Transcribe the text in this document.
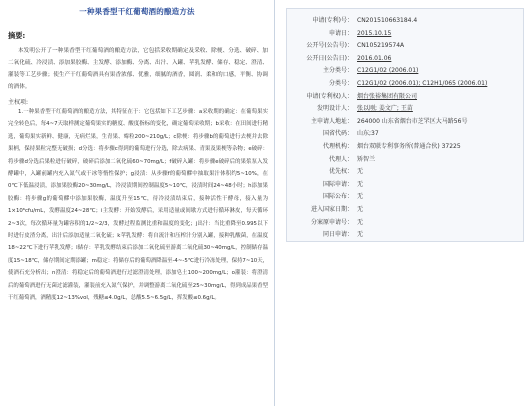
一种果香型干红葡萄酒的酿造方法
摘要:
本发明公开了一种果香型干红葡萄酒的酿造方法，它包括采收期确定及采收、除梗、分选、破碎、加二氧化硫、冷浸渍、添加果胶酶、主发酵、添加酶、分离、出汁、入罐、苹乳发酵、储存、稳定、澄清、灌装等工艺步骤；使生产干红葡萄酒具有果香浓郁、优雅，细腻的酒香，圆润、柔和的口感，平衡、协调的酒体。
主权项:

1.一种果香型干红葡萄酒的酿造方法，其特征在于：它包括如下工艺步骤：a采收期的确定：在葡萄果实完全转色后，每4~7天取样测定葡萄果实的糖度、酸度指标的变化，确定葡萄采收期；b采收：在田间进行精选，葡萄果实新鲜、健康，无病烂果，生青果、霉粒200~210g/L；c除梗：将步骤b的葡萄进行去梗并去除果柄，保持果粒完整无破损；d分选：将步骤c得到的葡萄进行分选，除去病果、青果及果梗等杂物；e破碎：将步骤d分选后果粒进行破碎，破碎后添加二氧化硫60~70mg/L；f破碎入罐：将步骤e破碎后的果浆泵入发酵罐中，入罐前罐内充入氮气或干冰等惰性保护；g浸渍：从步骤f的葡萄醪中抽取果汁体积约5~10%，在0℃下低温浸渍，添加果胶酶20~30mg/L，冷浸渍期间控制温度5~10℃，浸渍时间24~48小时；h添加果胶酶：将步骤g的葡萄醪中添加果胶酶，温度升至15℃，待冷浸渍结束后，接种活性干酵母，接入量为1×10⁶cfu/mL，发酵温度24~28℃；i主发酵：开始发酵后，采用适量或间歇方式进行循环淋皮，每天循环2~3次，每次循环量为罐容积的1/2~2/3，发酵过程监测比重和温度的变化；j出汁：当比重降至0.995以下时进行皮渣分离，出汁后添加适量二氧化硫；k苹乳发酵：将自流汁和压榨汁分别入罐，接种乳酸菌，在温度18~22℃下进行苹乳发酵；l储存：苹乳发酵结束后添加二氧化硫至游离二氧化硫30~40mg/L，控制储存温度15~18℃，储存期间定期添罐；m稳定：将储存后的葡萄酒降温至-4~-5℃进行冷冻处理，保持7~10天，使酒石充分析出；n澄清：将稳定后的葡萄酒进行过滤澄清处理，添加皂土100~200mg/L；o灌装：将澄清后的葡萄酒进行无菌过滤灌装，灌装前充入氮气保护，并调整游离二氧化硫至25~30mg/L，得到成品果香型干红葡萄酒，酒精度12~13%vol，残糖≤4.0g/L，总酸5.5~6.5g/L，挥发酸≤0.6g/L。

申请(专利)号： CN201510663184.4
申请日： 2015.10.15
公开号(公告号)： CN105219574A
公开日(公告日)： 2016.01.06
主分类号： C12G1/02 (2006.01)
分类号： C12G1/02 (2006.01); C12H1/065 (2006.01)
申请(专利权)人： 烟台张裕集团有限公司
发明设计人： 张以刚; 姜文广; 王苗
主申请人地址： 264000 山东省烟台市芝罘区大马路56号
国省代码： 山东;37
代理机构： 烟台双联专利事务所(普通合伙) 37225
代理人： 矫智兰
优先权： 无
国际申请： 无
国际公布： 无
进入国家日期： 无
分案原申请号： 无
同日申请： 无
